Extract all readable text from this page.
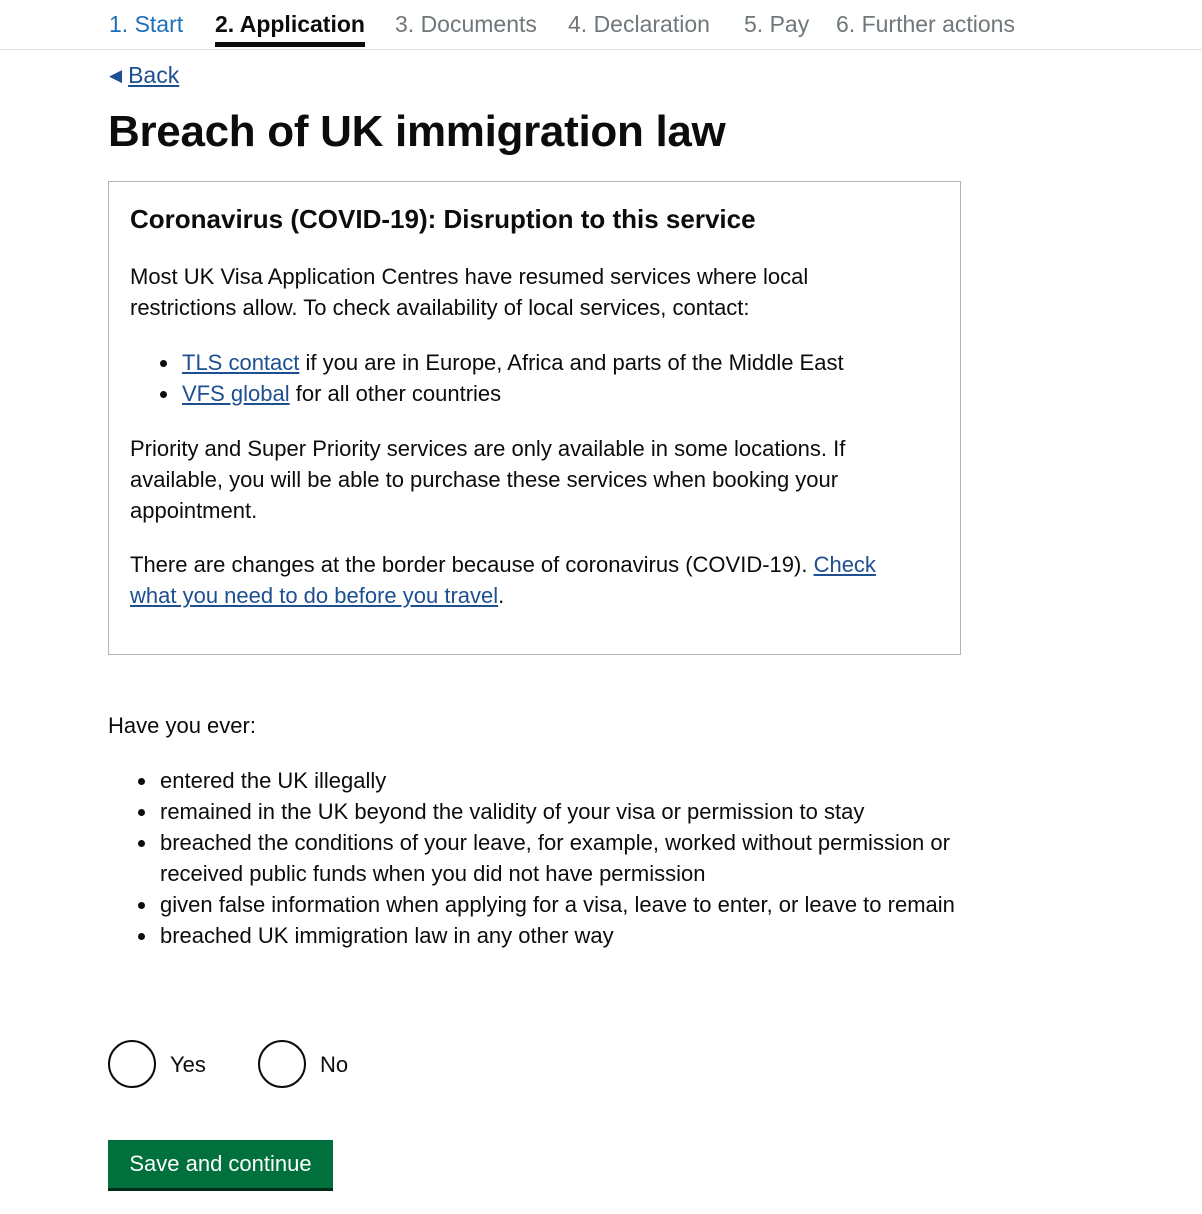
1. Start 2. Application 3. Documents 4. Declaration 5. Pay 6. Further actions
◀ Back
Breach of UK immigration law
Coronavirus (COVID-19): Disruption to this service

Most UK Visa Application Centres have resumed services where local
restrictions allow. To check availability of local services, contact:

• TLS contact if you are in Europe, Africa and parts of the Middle East
• VFS global for all other countries

Priority and Super Priority services are only available in some locations. If
available, you will be able to purchase these services when booking your
appointment.

There are changes at the border because of coronavirus (COVID-19). Check
what you need to do before you travel.

Have you ever:

• entered the UK illegally
• remained in the UK beyond the validity of your visa or permission to stay
• breached the conditions of your leave, for example, worked without permission or received public funds when you did not have permission
• given false information when applying for a visa, leave to enter, or leave to remain
• breached UK immigration law in any other way
Yes	No
Save and continue
